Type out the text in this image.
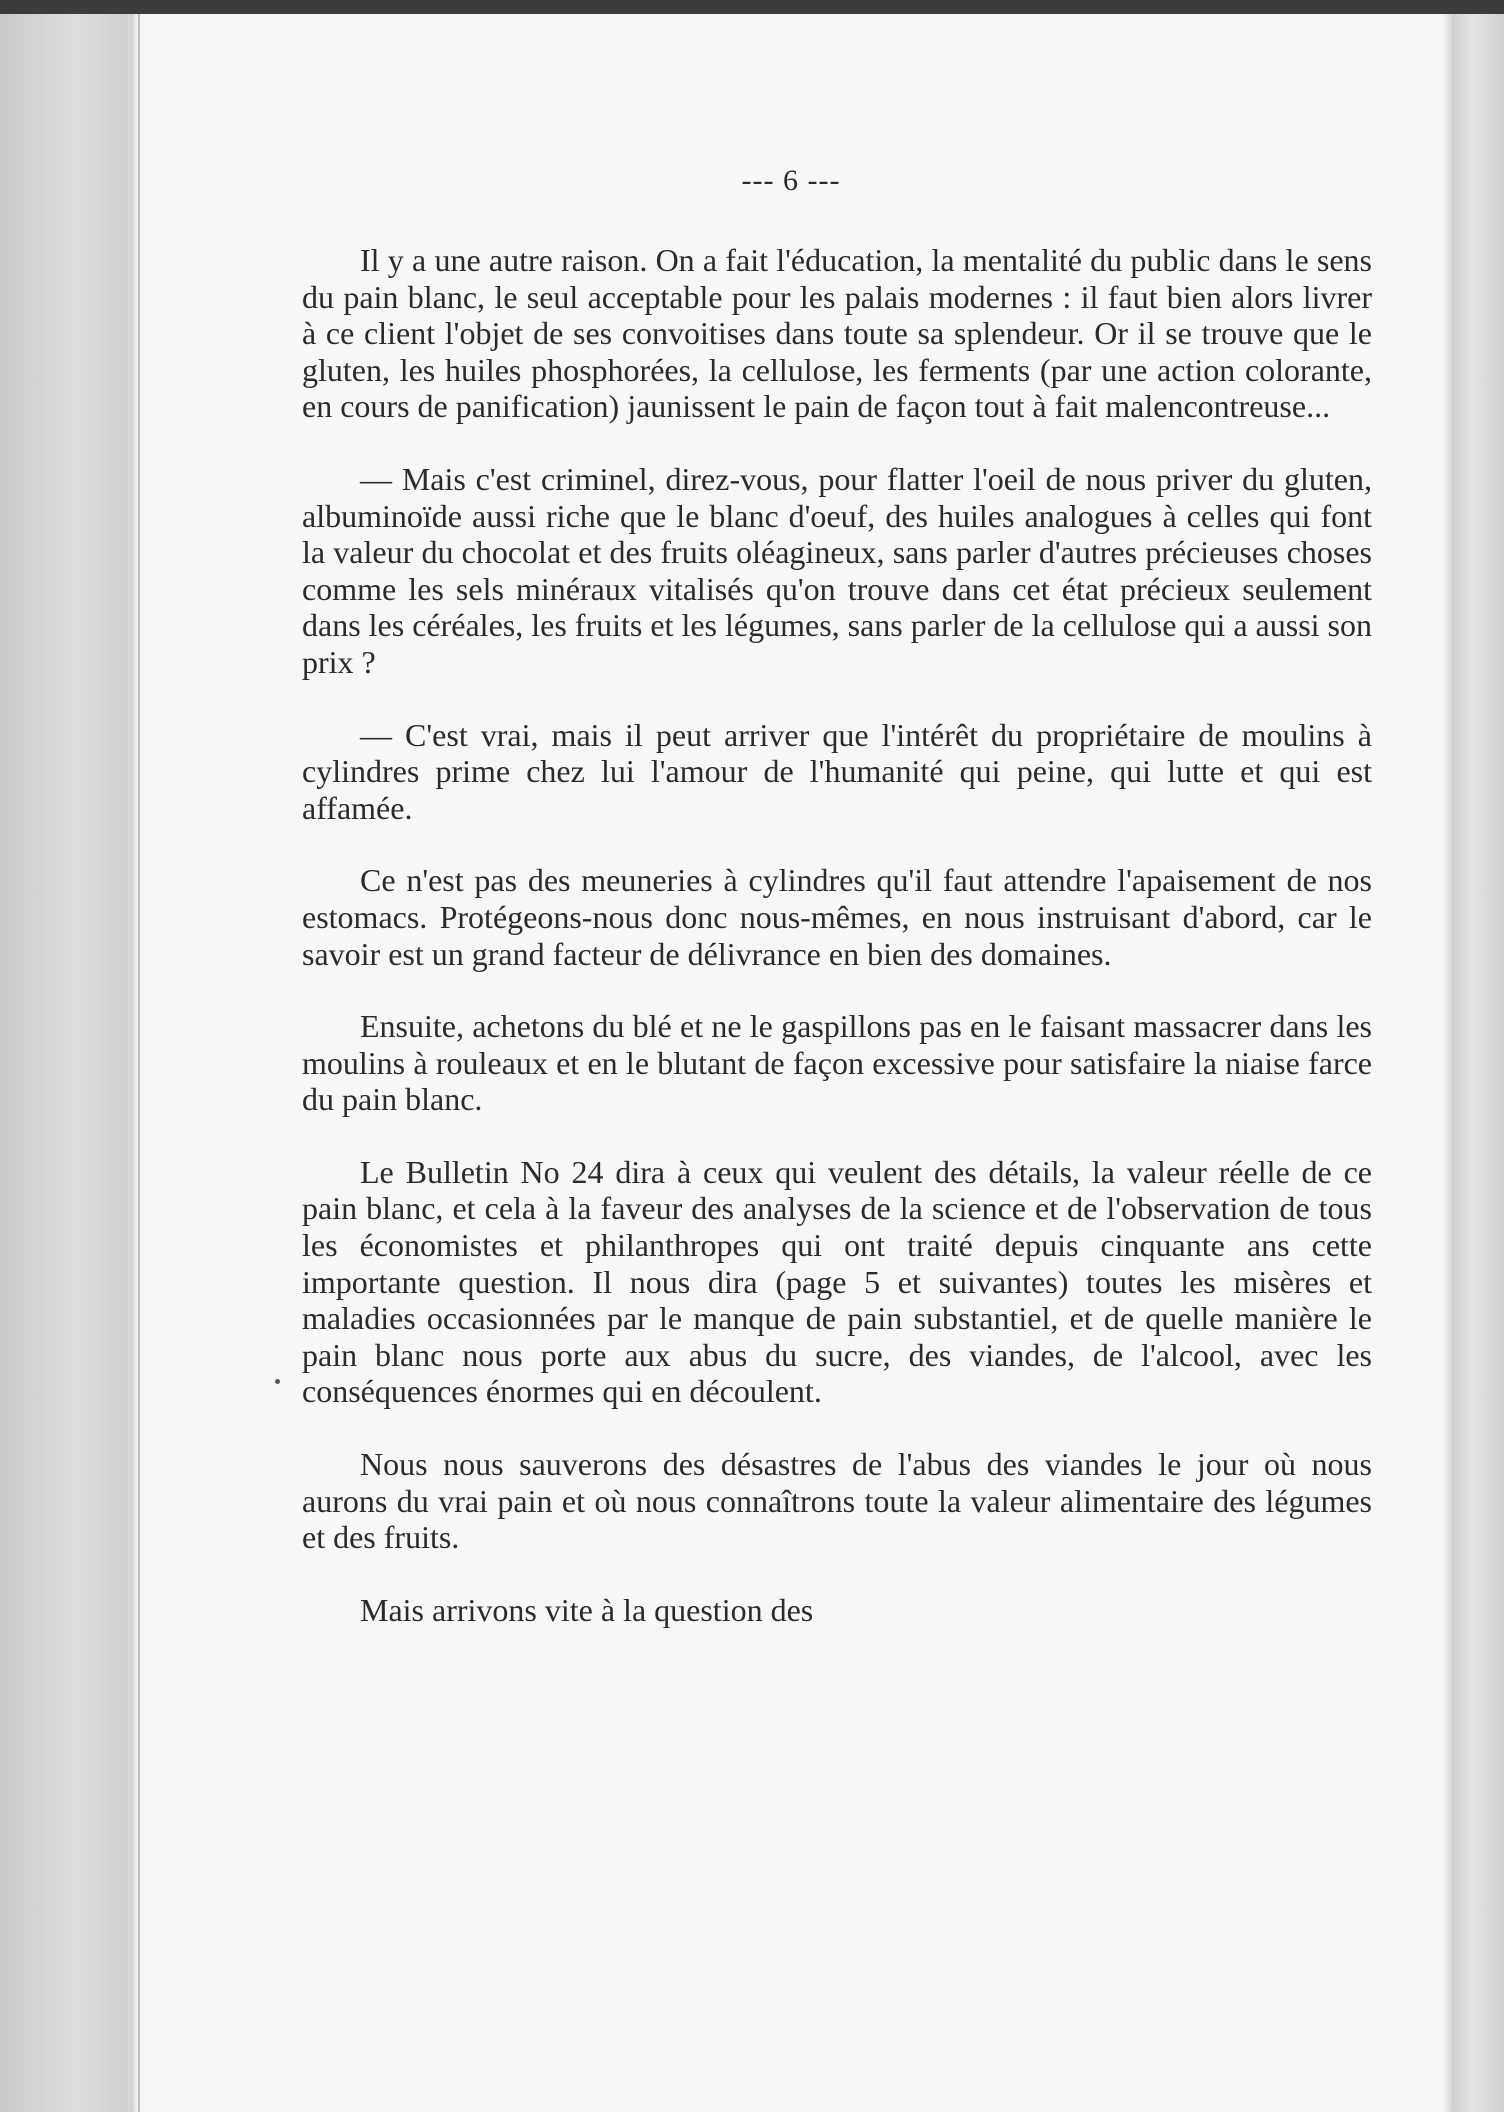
--- 6 ---

Il y a une autre raison. On a fait l'éducation, la mentalité du public dans le sens du pain blanc, le seul acceptable pour les palais modernes : il faut bien alors livrer à ce client l'objet de ses convoitises dans toute sa splendeur. Or il se trouve que le gluten, les huiles phosphorées, la cellulose, les ferments (par une action colorante, en cours de panification) jaunissent le pain de façon tout à fait malencontreuse...

— Mais c'est criminel, direz-vous, pour flatter l'oeil de nous priver du gluten, albuminoïde aussi riche que le blanc d'oeuf, des huiles analogues à celles qui font la valeur du chocolat et des fruits oléagineux, sans parler d'autres précieuses choses comme les sels minéraux vitalisés qu'on trouve dans cet état précieux seulement dans les céréales, les fruits et les légumes, sans parler de la cellulose qui a aussi son prix ?

— C'est vrai, mais il peut arriver que l'intérêt du propriétaire de moulins à cylindres prime chez lui l'amour de l'humanité qui peine, qui lutte et qui est affamée.

Ce n'est pas des meuneries à cylindres qu'il faut attendre l'apaisement de nos estomacs. Protégeons-nous donc nous-mêmes, en nous instruisant d'abord, car le savoir est un grand facteur de délivrance en bien des domaines.

Ensuite, achetons du blé et ne le gaspillons pas en le faisant massacrer dans les moulins à rouleaux et en le blutant de façon excessive pour satisfaire la niaise farce du pain blanc.

Le Bulletin No 24 dira à ceux qui veulent des détails, la valeur réelle de ce pain blanc, et cela à la faveur des analyses de la science et de l'observation de tous les économistes et philanthropes qui ont traité depuis cinquante ans cette importante question. Il nous dira (page 5 et suivantes) toutes les misères et maladies occasionnées par le manque de pain substantiel, et de quelle manière le pain blanc nous porte aux abus du sucre, des viandes, de l'alcool, avec les conséquences énormes qui en découlent.

Nous nous sauverons des désastres de l'abus des viandes le jour où nous aurons du vrai pain et où nous connaîtrons toute la valeur alimentaire des légumes et des fruits.

Mais arrivons vite à la question des
